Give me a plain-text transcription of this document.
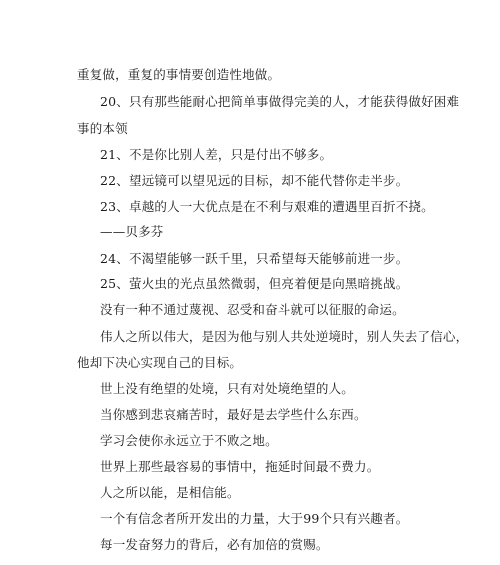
重复做，重复的事情要创造性地做。
20、只有那些能耐心把简单事做得完美的人，才能获得做好困难
事的本领
21、不是你比别人差，只是付出不够多。
22、望远镜可以望见远的目标，却不能代替你走半步。
23、卓越的人一大优点是在不利与艰难的遭遇里百折不挠。
——贝多芬
24、不渴望能够一跃千里，只希望每天能够前进一步。
25、萤火虫的光点虽然微弱，但亮着便是向黑暗挑战。
没有一种不通过蔑视、忍受和奋斗就可以征服的命运。
伟人之所以伟大，是因为他与别人共处逆境时，别人失去了信心，
他却下决心实现自己的目标。
世上没有绝望的处境，只有对处境绝望的人。
当你感到悲哀痛苦时，最好是去学些什么东西。
学习会使你永远立于不败之地。
世界上那些最容易的事情中，拖延时间最不费力。
人之所以能，是相信能。
一个有信念者所开发出的力量，大于99个只有兴趣者。
每一发奋努力的背后，必有加倍的赏赐。
